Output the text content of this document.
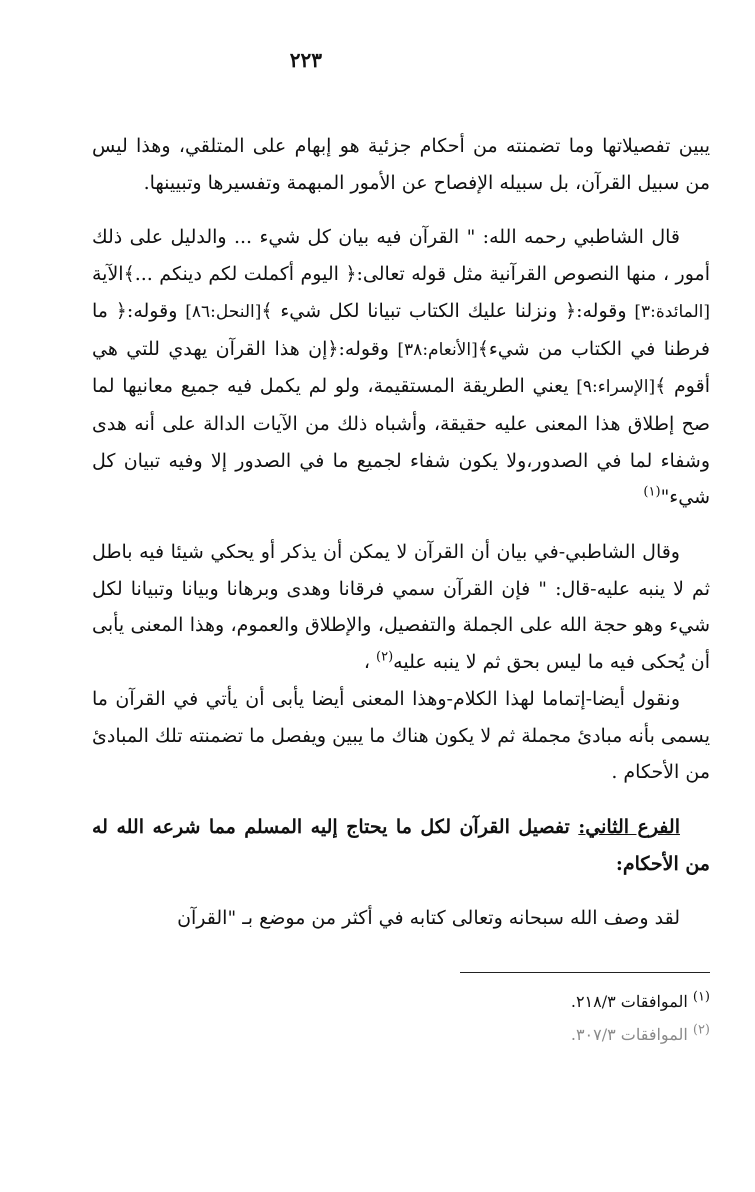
٢٢٣

يبين تفصيلاتها وما تضمنته من أحكام جزئية هو إبهام على المتلقي، وهذا ليس من سبيل القرآن، بل سبيله الإفصاح عن الأمور المبهمة وتفسيرها وتبيينها.

قال الشاطبي رحمه الله: " القرآن فيه بيان كل شيء ... والدليل على ذلك أمور ، منها النصوص القرآنية مثل قوله تعالى:﴿ اليوم أكملت لكم دينكم ...﴾الآية [المائدة:٣] وقوله:﴿ ونزلنا عليك الكتاب تبيانا لكل شيء ﴾[النحل:٨٦] وقوله:﴿ ما فرطنا في الكتاب من شيء﴾[الأنعام:٣٨] وقوله:﴿إن هذا القرآن يهدي للتي هي أقوم ﴾[الإسراء:٩] يعني الطريقة المستقيمة، ولو لم يكمل فيه جميع معانيها لما صح إطلاق هذا المعنى عليه حقيقة، وأشباه ذلك من الآيات الدالة على أنه هدى وشفاء لما في الصدور،ولا يكون شفاء لجميع ما في الصدور إلا وفيه تبيان كل شيء"$^{(١)}$

وقال الشاطبي-في بيان أن القرآن لا يمكن أن يذكر أو يحكي شيئا فيه باطل ثم لا ينبه عليه-قال: " فإن القرآن سمي فرقانا وهدى وبرهانا وبيانا وتبيانا لكل شيء وهو حجة الله على الجملة والتفصيل، والإطلاق والعموم، وهذا المعنى يأبى أن يُحكى فيه ما ليس بحق ثم لا ينبه عليه$^{(٢)}$ ،

ونقول أيضا-إتماما لهذا الكلام-وهذا المعنى أيضا يأبى أن يأتي في القرآن ما يسمى بأنه مبادئ مجملة ثم لا يكون هناك ما يبين ويفصل ما تضمنته تلك المبادئ من الأحكام .

الفرع الثاني: تفصيل القرآن لكل ما يحتاج إليه المسلم مما شرعه الله له من الأحكام:

لقد وصف الله سبحانه وتعالى كتابه في أكثر من موضع بـ "القرآن

$^{(١)}$ الموافقات ٢١٨/٣.

$^{(٢)}$ الموافقات ٣٠٧/٣.
